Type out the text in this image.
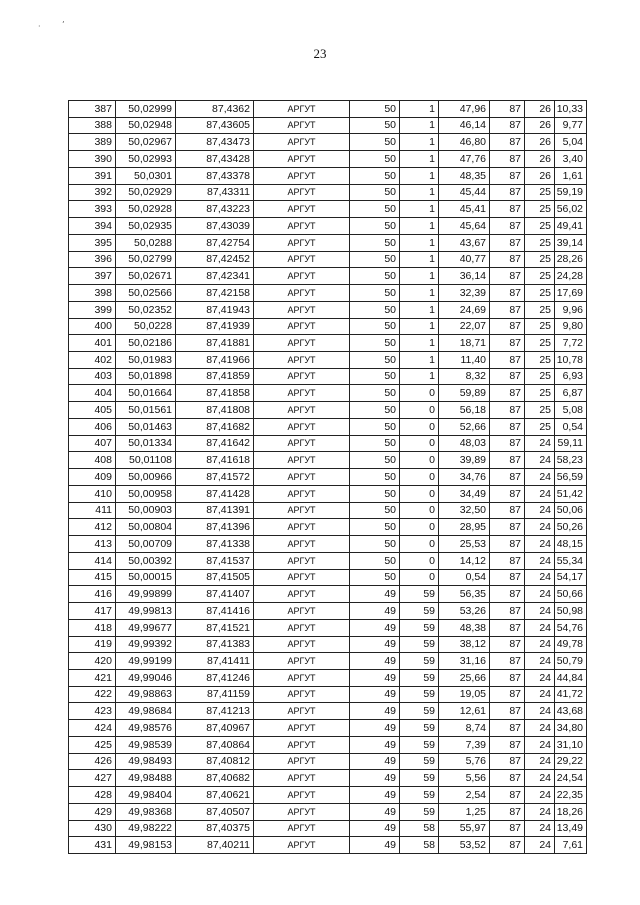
·	ʼ
23
387	50,02999	87,4362	АРГУТ	50	1	47,96	87	26	10,33
388	50,02948	87,43605	АРГУТ	50	1	46,14	87	26	9,77
389	50,02967	87,43473	АРГУТ	50	1	46,80	87	26	5,04
390	50,02993	87,43428	АРГУТ	50	1	47,76	87	26	3,40
391	50,0301	87,43378	АРГУТ	50	1	48,35	87	26	1,61
392	50,02929	87,43311	АРГУТ	50	1	45,44	87	25	59,19
393	50,02928	87,43223	АРГУТ	50	1	45,41	87	25	56,02
394	50,02935	87,43039	АРГУТ	50	1	45,64	87	25	49,41
395	50,0288	87,42754	АРГУТ	50	1	43,67	87	25	39,14
396	50,02799	87,42452	АРГУТ	50	1	40,77	87	25	28,26
397	50,02671	87,42341	АРГУТ	50	1	36,14	87	25	24,28
398	50,02566	87,42158	АРГУТ	50	1	32,39	87	25	17,69
399	50,02352	87,41943	АРГУТ	50	1	24,69	87	25	9,96
400	50,0228	87,41939	АРГУТ	50	1	22,07	87	25	9,80
401	50,02186	87,41881	АРГУТ	50	1	18,71	87	25	7,72
402	50,01983	87,41966	АРГУТ	50	1	11,40	87	25	10,78
403	50,01898	87,41859	АРГУТ	50	1	8,32	87	25	6,93
404	50,01664	87,41858	АРГУТ	50	0	59,89	87	25	6,87
405	50,01561	87,41808	АРГУТ	50	0	56,18	87	25	5,08
406	50,01463	87,41682	АРГУТ	50	0	52,66	87	25	0,54
407	50,01334	87,41642	АРГУТ	50	0	48,03	87	24	59,11
408	50,01108	87,41618	АРГУТ	50	0	39,89	87	24	58,23
409	50,00966	87,41572	АРГУТ	50	0	34,76	87	24	56,59
410	50,00958	87,41428	АРГУТ	50	0	34,49	87	24	51,42
411	50,00903	87,41391	АРГУТ	50	0	32,50	87	24	50,06
412	50,00804	87,41396	АРГУТ	50	0	28,95	87	24	50,26
413	50,00709	87,41338	АРГУТ	50	0	25,53	87	24	48,15
414	50,00392	87,41537	АРГУТ	50	0	14,12	87	24	55,34
415	50,00015	87,41505	АРГУТ	50	0	0,54	87	24	54,17
416	49,99899	87,41407	АРГУТ	49	59	56,35	87	24	50,66
417	49,99813	87,41416	АРГУТ	49	59	53,26	87	24	50,98
418	49,99677	87,41521	АРГУТ	49	59	48,38	87	24	54,76
419	49,99392	87,41383	АРГУТ	49	59	38,12	87	24	49,78
420	49,99199	87,41411	АРГУТ	49	59	31,16	87	24	50,79
421	49,99046	87,41246	АРГУТ	49	59	25,66	87	24	44,84
422	49,98863	87,41159	АРГУТ	49	59	19,05	87	24	41,72
423	49,98684	87,41213	АРГУТ	49	59	12,61	87	24	43,68
424	49,98576	87,40967	АРГУТ	49	59	8,74	87	24	34,80
425	49,98539	87,40864	АРГУТ	49	59	7,39	87	24	31,10
426	49,98493	87,40812	АРГУТ	49	59	5,76	87	24	29,22
427	49,98488	87,40682	АРГУТ	49	59	5,56	87	24	24,54
428	49,98404	87,40621	АРГУТ	49	59	2,54	87	24	22,35
429	49,98368	87,40507	АРГУТ	49	59	1,25	87	24	18,26
430	49,98222	87,40375	АРГУТ	49	58	55,97	87	24	13,49
431	49,98153	87,40211	АРГУТ	49	58	53,52	87	24	7,61
